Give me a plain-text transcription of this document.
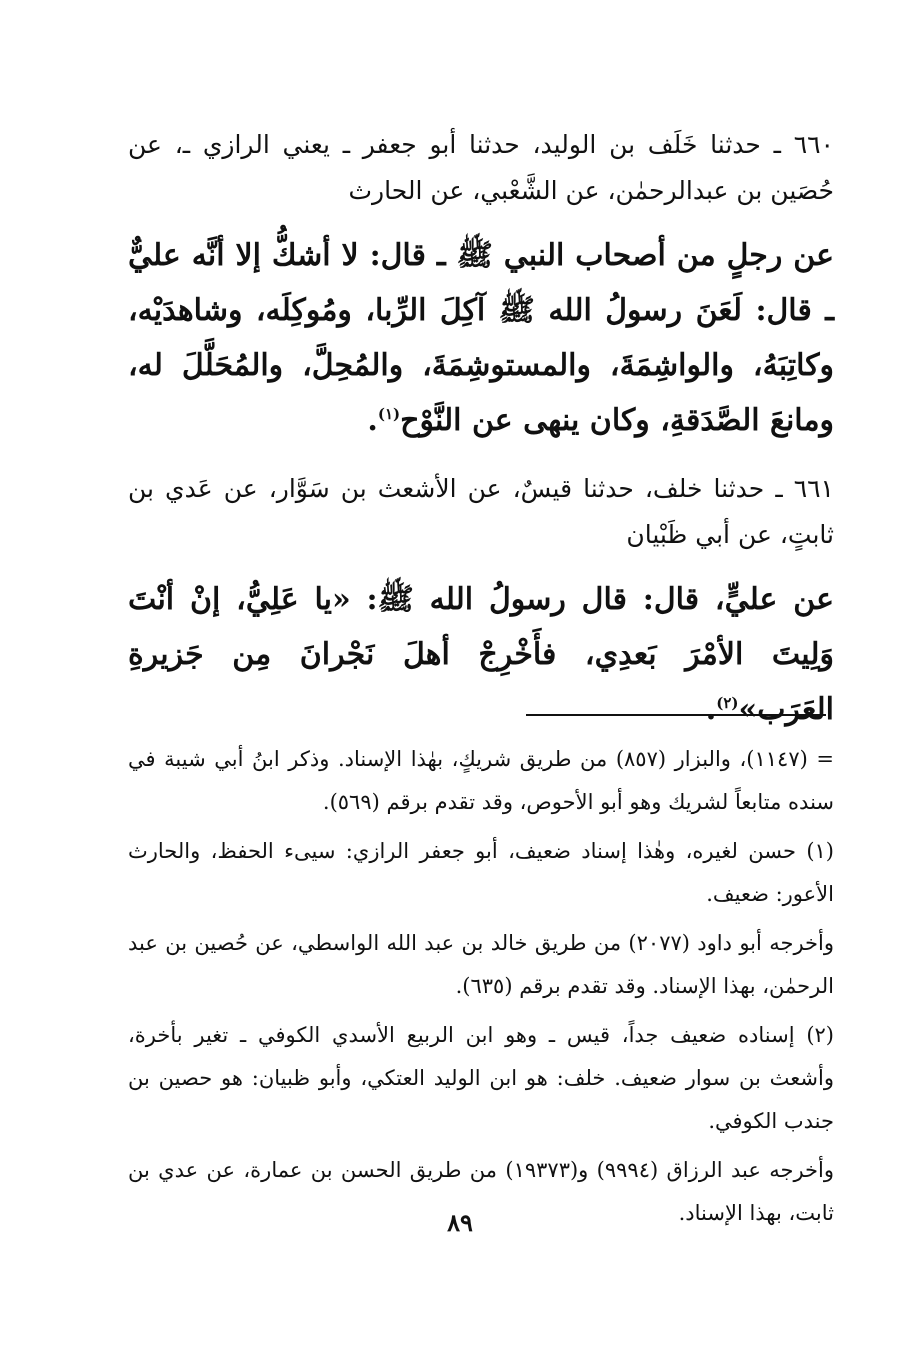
٦٦٠ ـ حدثنا خَلَف بن الوليد، حدثنا أبو جعفر ـ يعني الرازي ـ، عن حُصَين بن عبدالرحمٰن، عن الشَّعْبي، عن الحارث

عن رجلٍ من أصحاب النبي ﷺ ـ قال: لا أشكُّ إلا أنَّه عليٌّ ـ قال: لَعَنَ رسولُ الله ﷺ آكِلَ الرِّبا، ومُوكِلَه، وشاهدَيْه، وكاتِبَهُ، والواشِمَةَ، والمستوشِمَةَ، والمُحِلَّ، والمُحَلَّلَ له، ومانعَ الصَّدَقةِ، وكان ينهى عن النَّوْح$^{(١)}$.

٦٦١ ـ حدثنا خلف، حدثنا قيسٌ، عن الأشعث بن سَوَّار، عن عَدي بن ثابتٍ، عن أبي ظَبْيان

عن عليٍّ، قال: قال رسولُ الله ﷺ: «يا عَلِيُّ، إنْ أنْتَ وَلِيتَ الأمْرَ بَعدِي، فأَخْرِجْ أهلَ نَجْرانَ مِن جَزيرةِ العَرَب»$^{(٢)}$.

= (١١٤٧)، والبزار (٨٥٧) من طريق شريكٍ، بهٰذا الإسناد. وذكر ابنُ أبي شيبة في سنده متابعاً لشريك وهو أبو الأحوص، وقد تقدم برقم (٥٦٩).

(١) حسن لغيره، وهٰذا إسناد ضعيف، أبو جعفر الرازي: سيىء الحفظ، والحارث الأعور: ضعيف.

وأخرجه أبو داود (٢٠٧٧) من طريق خالد بن عبد الله الواسطي، عن حُصين بن عبد الرحمٰن، بهذا الإسناد. وقد تقدم برقم (٦٣٥).

(٢) إسناده ضعيف جداً، قيس ـ وهو ابن الربيع الأسدي الكوفي ـ تغير بأخرة، وأشعث بن سوار ضعيف. خلف: هو ابن الوليد العتكي، وأبو ظبيان: هو حصين بن جندب الكوفي.

وأخرجه عبد الرزاق (٩٩٩٤) و(١٩٣٧٣) من طريق الحسن بن عمارة، عن عدي بن ثابت، بهذا الإسناد.

٨٩
